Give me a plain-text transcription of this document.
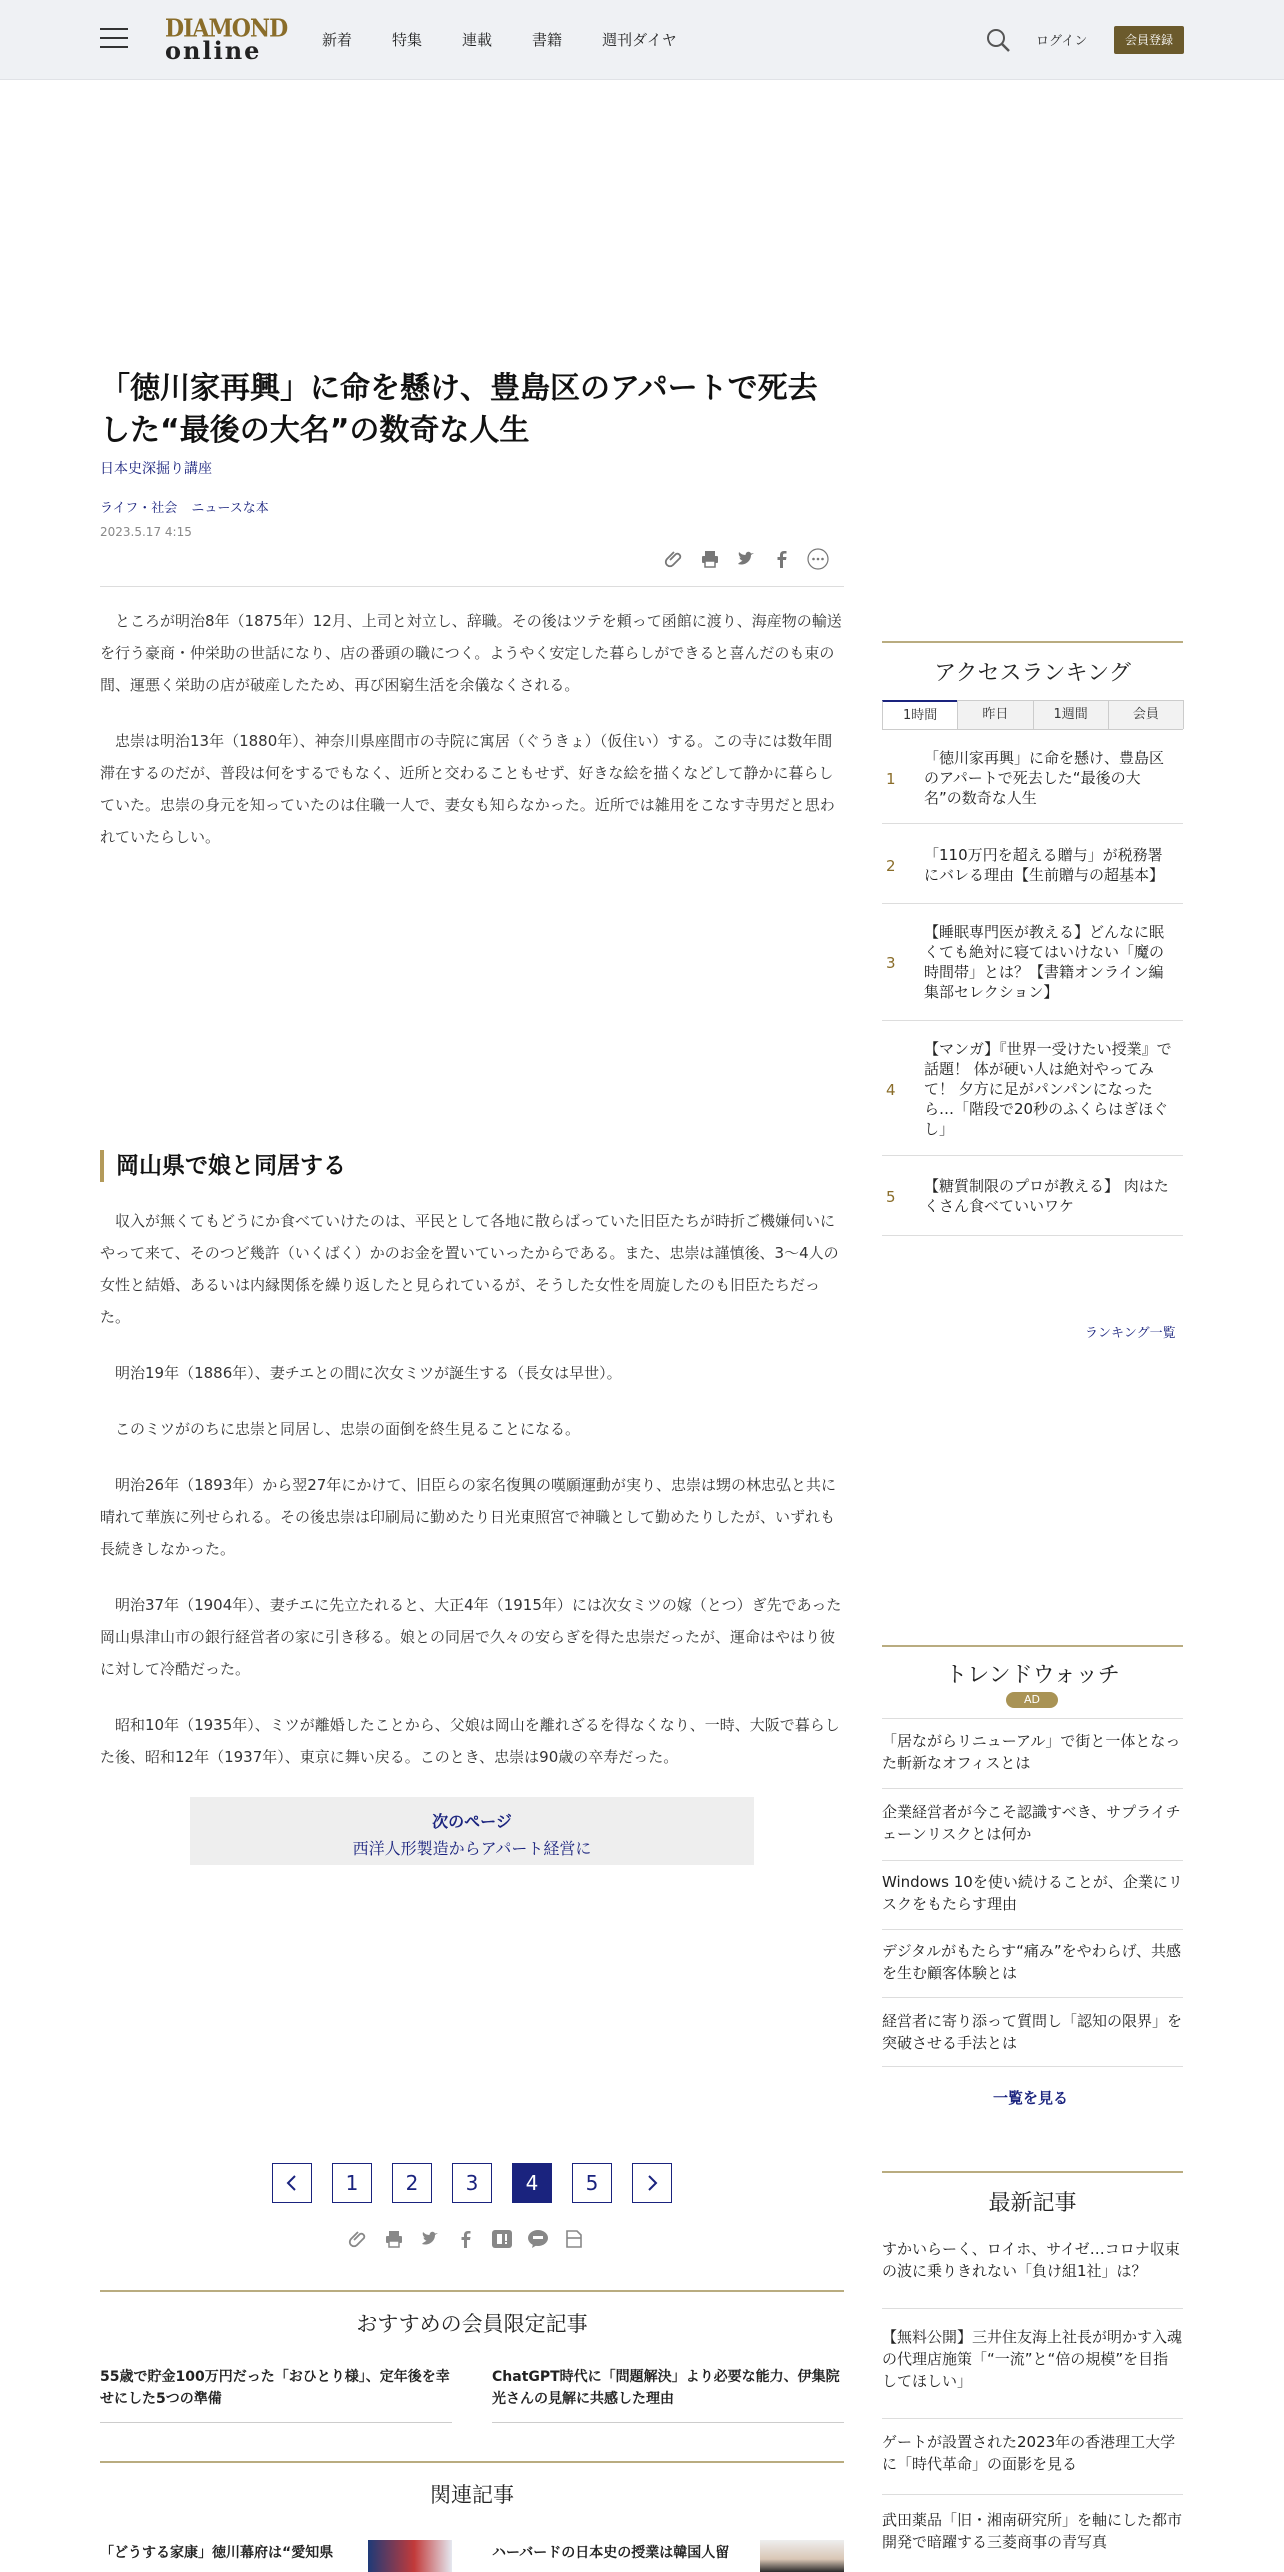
DIAMOND
online	新着	特集	連載	書籍	週刊ダイヤ	ログイン	会員登録
「徳川家再興」に命を懸け、豊島区のアパートで死去した“最後の大名”の数奇な人生
日本史深掘り講座
ライフ・社会 ニュースな本
2023.5.17 4:15

ところが明治8年（1875年）12月、上司と対立し、辞職。その後はツテを頼って函館に渡り、海産物の輸送を行う豪商・仲栄助の世話になり、店の番頭の職につく。ようやく安定した暮らしができると喜んだのも束の間、運悪く栄助の店が破産したため、再び困窮生活を余儀なくされる。

忠崇は明治13年（1880年）、神奈川県座間市の寺院に寓居（ぐうきょ）（仮住い）する。この寺には数年間滞在するのだが、普段は何をするでもなく、近所と交わることもせず、好きな絵を描くなどして静かに暮らしていた。忠崇の身元を知っていたのは住職一人で、妻女も知らなかった。近所では雑用をこなす寺男だと思われていたらしい。

岡山県で娘と同居する

収入が無くてもどうにか食べていけたのは、平民として各地に散らばっていた旧臣たちが時折ご機嫌伺いにやって来て、そのつど幾許（いくばく）かのお金を置いていったからである。また、忠崇は謹慎後、3～4人の女性と結婚、あるいは内縁関係を繰り返したと見られているが、そうした女性を周旋したのも旧臣たちだった。

明治19年（1886年）、妻チエとの間に次女ミツが誕生する（長女は早世）。

このミツがのちに忠崇と同居し、忠崇の面倒を終生見ることになる。

明治26年（1893年）から翌27年にかけて、旧臣らの家名復興の嘆願運動が実り、忠崇は甥の林忠弘と共に晴れて華族に列せられる。その後忠崇は印刷局に勤めたり日光東照宮で神職として勤めたりしたが、いずれも長続きしなかった。

明治37年（1904年）、妻チエに先立たれると、大正4年（1915年）には次女ミツの嫁（とつ）ぎ先であった岡山県津山市の銀行経営者の家に引き移る。娘との同居で久々の安らぎを得た忠崇だったが、運命はやはり彼に対して冷酷だった。

昭和10年（1935年）、ミツが離婚したことから、父娘は岡山を離れざるを得なくなり、一時、大阪で暮らした後、昭和12年（1937年）、東京に舞い戻る。このとき、忠崇は90歳の卒寿だった。

次のページ
西洋人形製造からアパート経営に
1	2	3	4	5
おすすめの会員限定記事
55歳で貯金100万円だった「おひとり様」、定年後を幸せにした5つの準備
ChatGPT時代に「問題解決」より必要な能力、伊集院光さんの見解に共感した理由
関連記事
「どうする家康」徳川幕府は“愛知県	ハーバードの日本史の授業は韓国人留
アクセスランキング
1時間	昨日	1週間	会員
1
「徳川家再興」に命を懸け、豊島区のアパートで死去した“最後の大名”の数奇な人生
2
「110万円を超える贈与」が税務署にバレる理由【生前贈与の超基本】
3
【睡眠専門医が教える】どんなに眠くても絶対に寝てはいけない「魔の時間帯」とは？【書籍オンライン編集部セレクション】
4
【マンガ】『世界一受けたい授業』で話題！ 体が硬い人は絶対やってみて！ 夕方に足がパンパンになったら…「階段で20秒のふくらはぎほぐし」
5
【糖質制限のプロが教える】 肉はたくさん食べていいワケ
ランキング一覧
トレンドウォッチ
AD
「居ながらリニューアル」で街と一体となった斬新なオフィスとは
企業経営者が今こそ認識すべき、サプライチェーンリスクとは何か
Windows 10を使い続けることが、企業にリスクをもたらす理由
デジタルがもたらす“痛み”をやわらげ、共感を生む顧客体験とは
経営者に寄り添って質問し「認知の限界」を突破させる手法とは
一覧を見る
最新記事
すかいらーく、ロイホ、サイゼ…コロナ収束の波に乗りきれない「負け組1社」は？
【無料公開】三井住友海上社長が明かす入魂の代理店施策「“一流”と“倍の規模”を目指してほしい」
ゲートが設置された2023年の香港理工大学に「時代革命」の面影を見る
武田薬品「旧・湘南研究所」を軸にした都市開発で暗躍する三菱商事の青写真
